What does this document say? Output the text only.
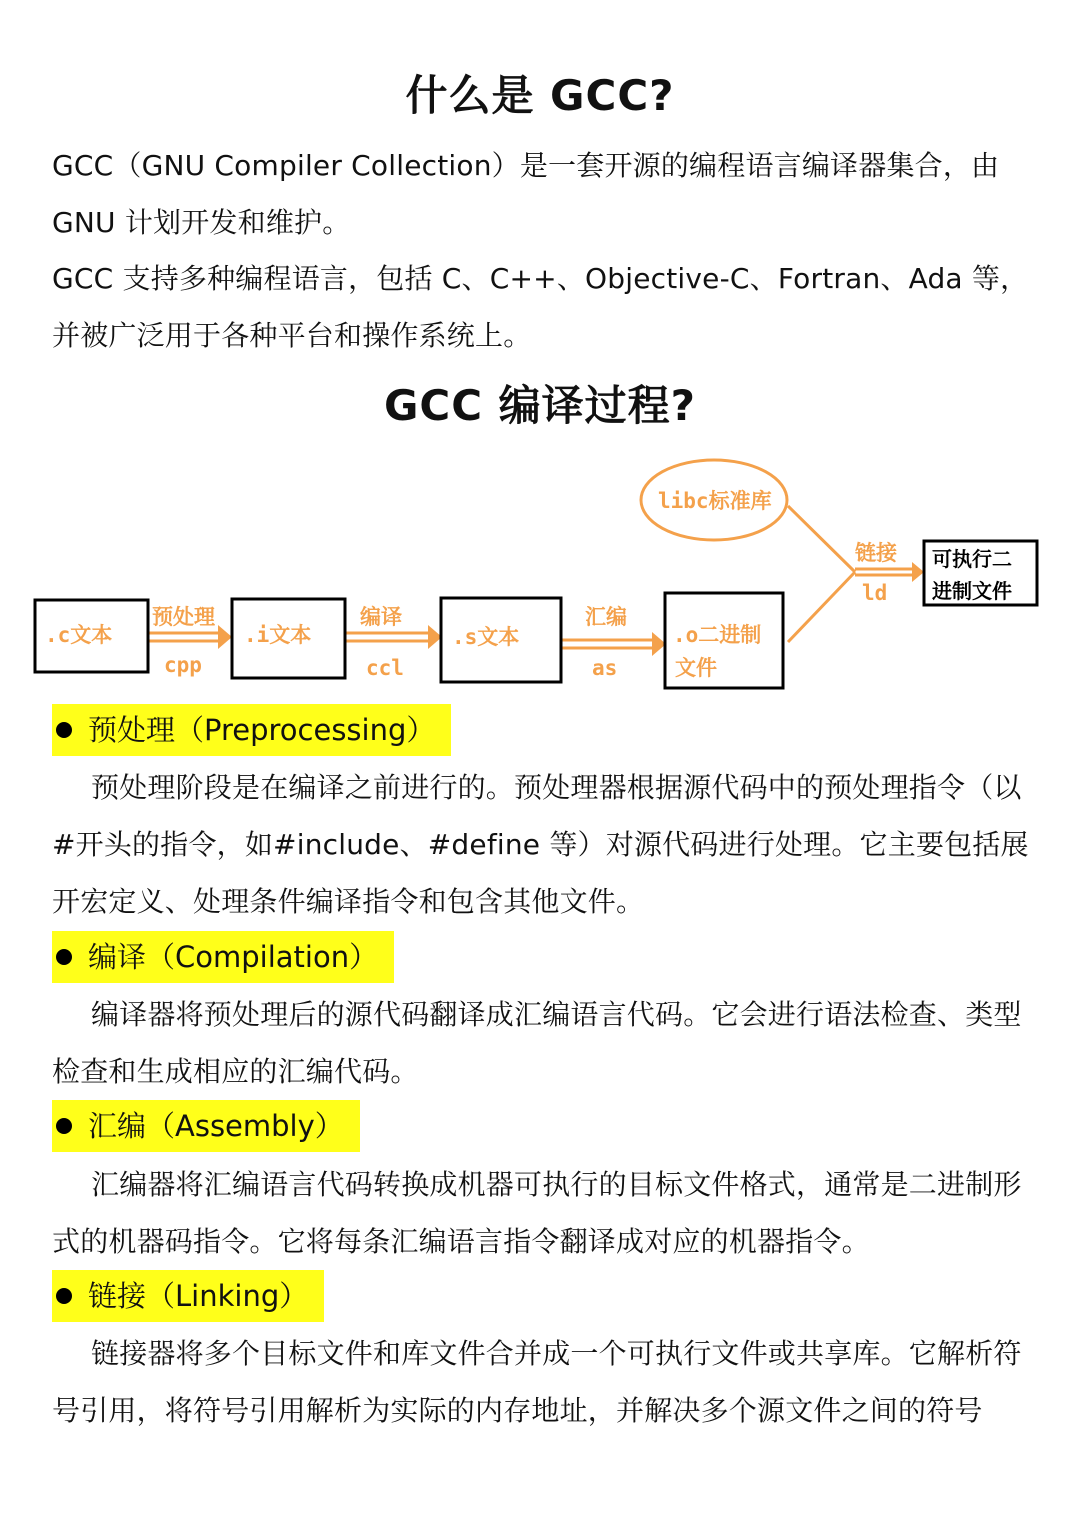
什么是 GCC?

GCC（GNU Compiler Collection）是一套开源的编程语言编译器集合，由 GNU 计划开发和维护。

GCC 支持多种编程语言，包括 C、C++、Objective-C、Fortran、Ada 等，并被广泛用于各种平台和操作系统上。

GCC 编译过程?
libc标准库
.c文本	.i文本	.s文本	.o二进制
文件
预处理
cpp
编译
ccl
汇编
as
链接
ld
可执行二
进制文件
预处理（Preprocessing）

预处理阶段是在编译之前进行的。预处理器根据源代码中的预处理指令（以#开头的指令，如#include、#define 等）对源代码进行处理。它主要包括展开宏定义、处理条件编译指令和包含其他文件。

编译（Compilation）

编译器将预处理后的源代码翻译成汇编语言代码。它会进行语法检查、类型检查和生成相应的汇编代码。

汇编（Assembly）

汇编器将汇编语言代码转换成机器可执行的目标文件格式，通常是二进制形式的机器码指令。它将每条汇编语言指令翻译成对应的机器指令。

链接（Linking）

链接器将多个目标文件和库文件合并成一个可执行文件或共享库。它解析符号引用，将符号引用解析为实际的内存地址，并解决多个源文件之间的符号
